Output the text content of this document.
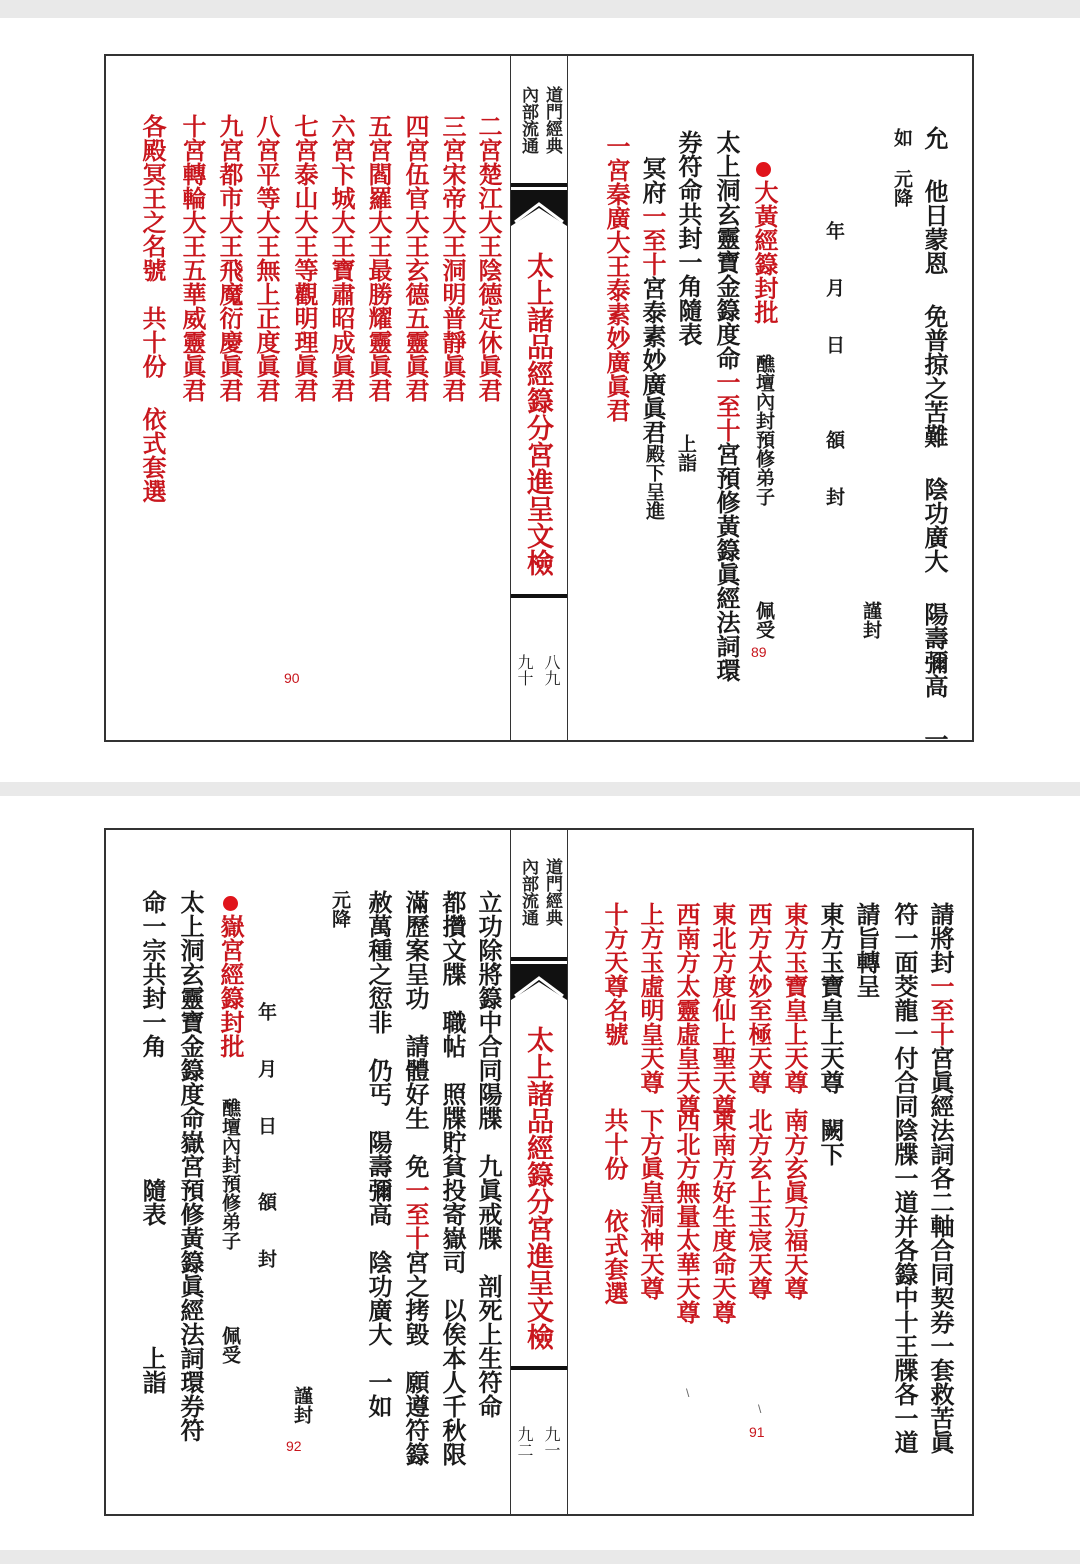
道門經典
內部流通
太上諸品經籙分宮進呈文檢
八九
九十	允 他日蒙恩 免普掠之苦難 陰功廣大 陽壽彌高 一
如 元降
謹封
年　　月　　日　　　　頟　　封
大黃經籙封批
醮壇內封預修弟子　　　　　佩受
太上洞玄靈寶金籙度命一至十宮預修黃籙眞經法詞環
券符命共封一角隨表
上詣
冥府一至十宮泰素妙廣眞君
殿下呈進
一宮秦廣大王泰素妙廣眞君
89
二宮楚江大王陰德定休眞君
三宮宋帝大王洞明普靜眞君
四宮伍官大王玄德五靈眞君
五宮閻羅大王最勝耀靈眞君
六宮卞城大王寶肅昭成眞君
七宮泰山大王等觀明理眞君
八宮平等大王無上正度眞君
九宮都市大王飛魔衍慶眞君
十宮轉輪大王五華威靈眞君
各殿冥王之名號　共十份 依式套選
90
道門經典
內部流通
太上諸品經籙分宮進呈文檢
九一
九二
請將封一至十宮眞經法詞各二軸合同契券一套救苦眞
符一面茭龍一付合同陰牒一道并各籙中十王牒各一道
請旨轉呈
東方玉寶皇上天尊　闕下
東方玉寶皇上天尊
南方玄眞万福天尊
西方太妙至極天尊
北方玄上玉宸天尊
東北方度仙上聖天尊
東南方好生度命天尊
西南方太靈虛皇天尊
西北方無量太華天尊
上方玉虛明皇天尊
下方眞皇洞神天尊
十方天尊名號
共十份 依式套選
\
\
91
立功除將籙中合同陽牒　九眞戒牒　剖死上生符命
都攢文牒　職帖　照牒貯貧投寄嶽司　以俟本人千秋限
滿歷案呈功　請體好生　免一至十宮之拷毀　願遵符籙
赦萬種之愆非　仍丐　陽壽彌高　陰功廣大　一如
元降
謹封
年　　月　　日　　　頟　　封
嶽宮經籙封批
醮壇內封預修弟子　　　　佩受
太上洞玄靈寶金籙度命嶽宮預修黃籙眞經法詞環券符
命一宗共封一角　　　　　隨表　　　　　上詣
92
